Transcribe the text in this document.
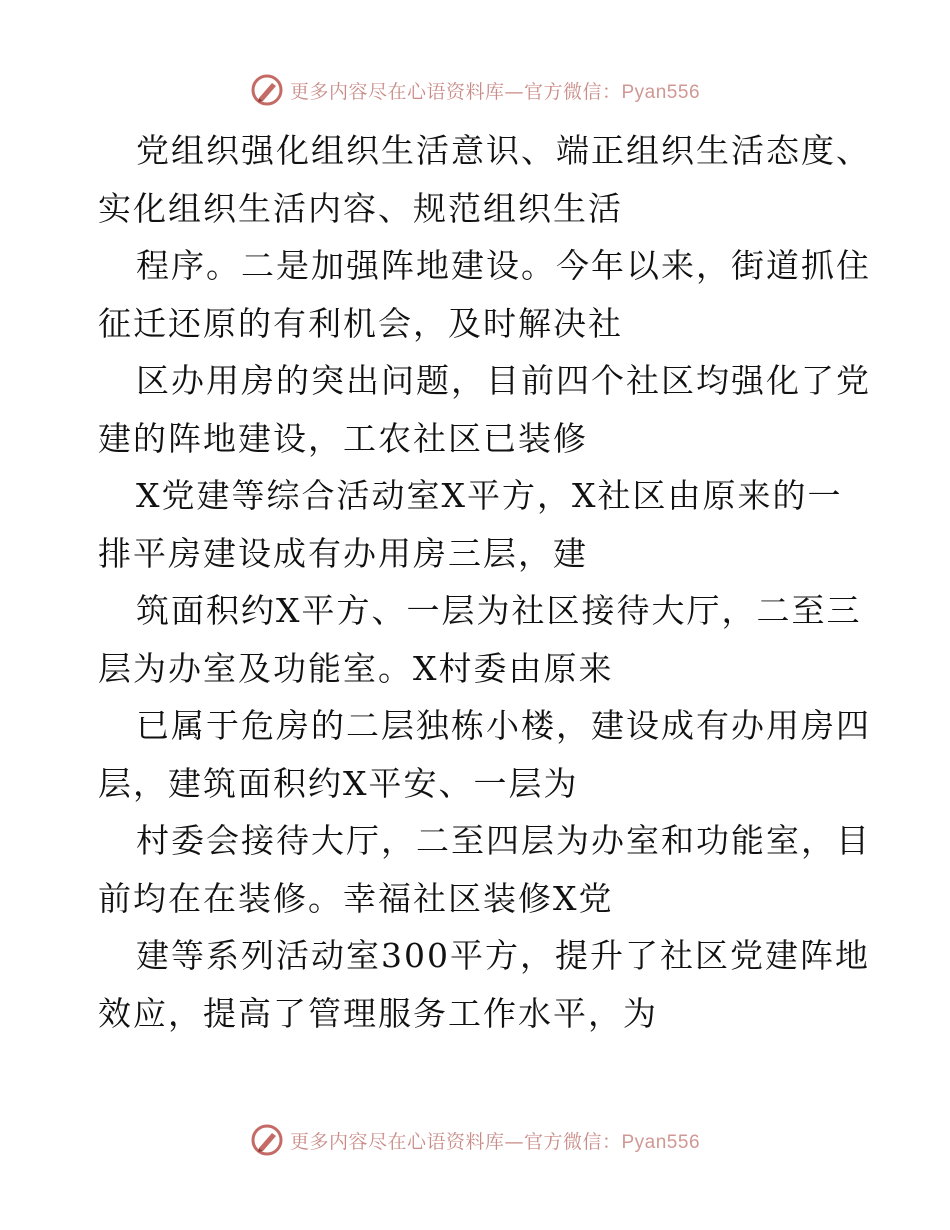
更多内容尽在心语资料库—官方微信：Pyan556
党组织强化组织生活意识、端正组织生活态度、
实化组织生活内容、规范组织生活
程序。二是加强阵地建设。今年以来，街道抓住
征迁还原的有利机会，及时解决社
区办用房的突出问题，目前四个社区均强化了党
建的阵地建设，工农社区已装修
X党建等综合活动室X平方，X社区由原来的一
排平房建设成有办用房三层，建
筑面积约X平方、一层为社区接待大厅，二至三
层为办室及功能室。X村委由原来
已属于危房的二层独栋小楼，建设成有办用房四
层，建筑面积约X平安、一层为
村委会接待大厅，二至四层为办室和功能室，目
前均在在装修。幸福社区装修X党
建等系列活动室300平方，提升了社区党建阵地
效应，提高了管理服务工作水平，为
更多内容尽在心语资料库—官方微信：Pyan556
